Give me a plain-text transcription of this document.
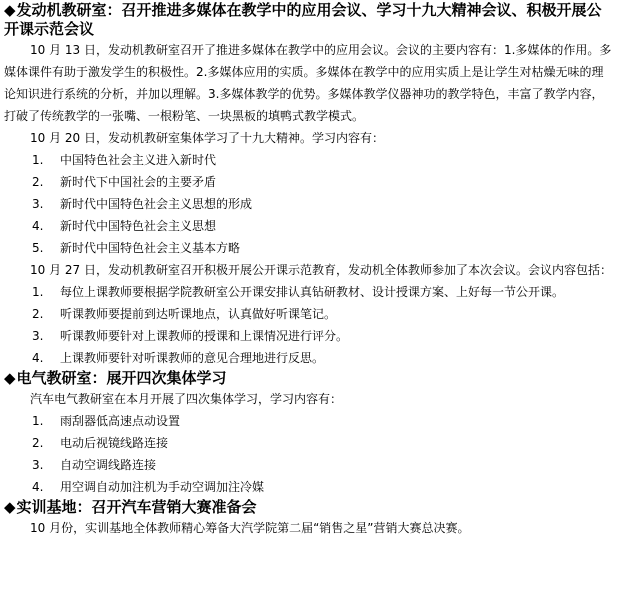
◆发动机教研室：召开推进多媒体在教学中的应用会议、学习十九大精神会议、积极开展公开课示范会议

10 月 13 日，发动机教研室召开了推进多媒体在教学中的应用会议。会议的主要内容有：1.多媒体的作用。多媒体课件有助于激发学生的积极性。2.多媒体应用的实质。多媒体在教学中的应用实质上是让学生对枯燥无味的理论知识进行系统的分析，并加以理解。3.多媒体教学的优势。多媒体教学仪器神功的教学特色，丰富了教学内容，打破了传统教学的一张嘴、一根粉笔、一块黑板的填鸭式教学模式。

10 月 20 日，发动机教研室集体学习了十九大精神。学习内容有：

1. 中国特色社会主义进入新时代
2. 新时代下中国社会的主要矛盾
3. 新时代中国特色社会主义思想的形成
4. 新时代中国特色社会主义思想
5. 新时代中国特色社会主义基本方略

10 月 27 日，发动机教研室召开积极开展公开课示范教育，发动机全体教师参加了本次会议。会议内容包括：

1. 每位上课教师要根据学院教研室公开课安排认真钻研教材、设计授课方案、上好每一节公开课。
2. 听课教师要提前到达听课地点，认真做好听课笔记。
3. 听课教师要针对上课教师的授课和上课情况进行评分。
4. 上课教师要针对听课教师的意见合理地进行反思。

◆电气教研室：展开四次集体学习

汽车电气教研室在本月开展了四次集体学习，学习内容有：

1. 雨刮器低高速点动设置
2. 电动后视镜线路连接
3. 自动空调线路连接
4. 用空调自动加注机为手动空调加注冷媒

◆实训基地：召开汽车营销大赛准备会

10 月份，实训基地全体教师精心筹备大汽学院第二届“销售之星”营销大赛总决赛。
